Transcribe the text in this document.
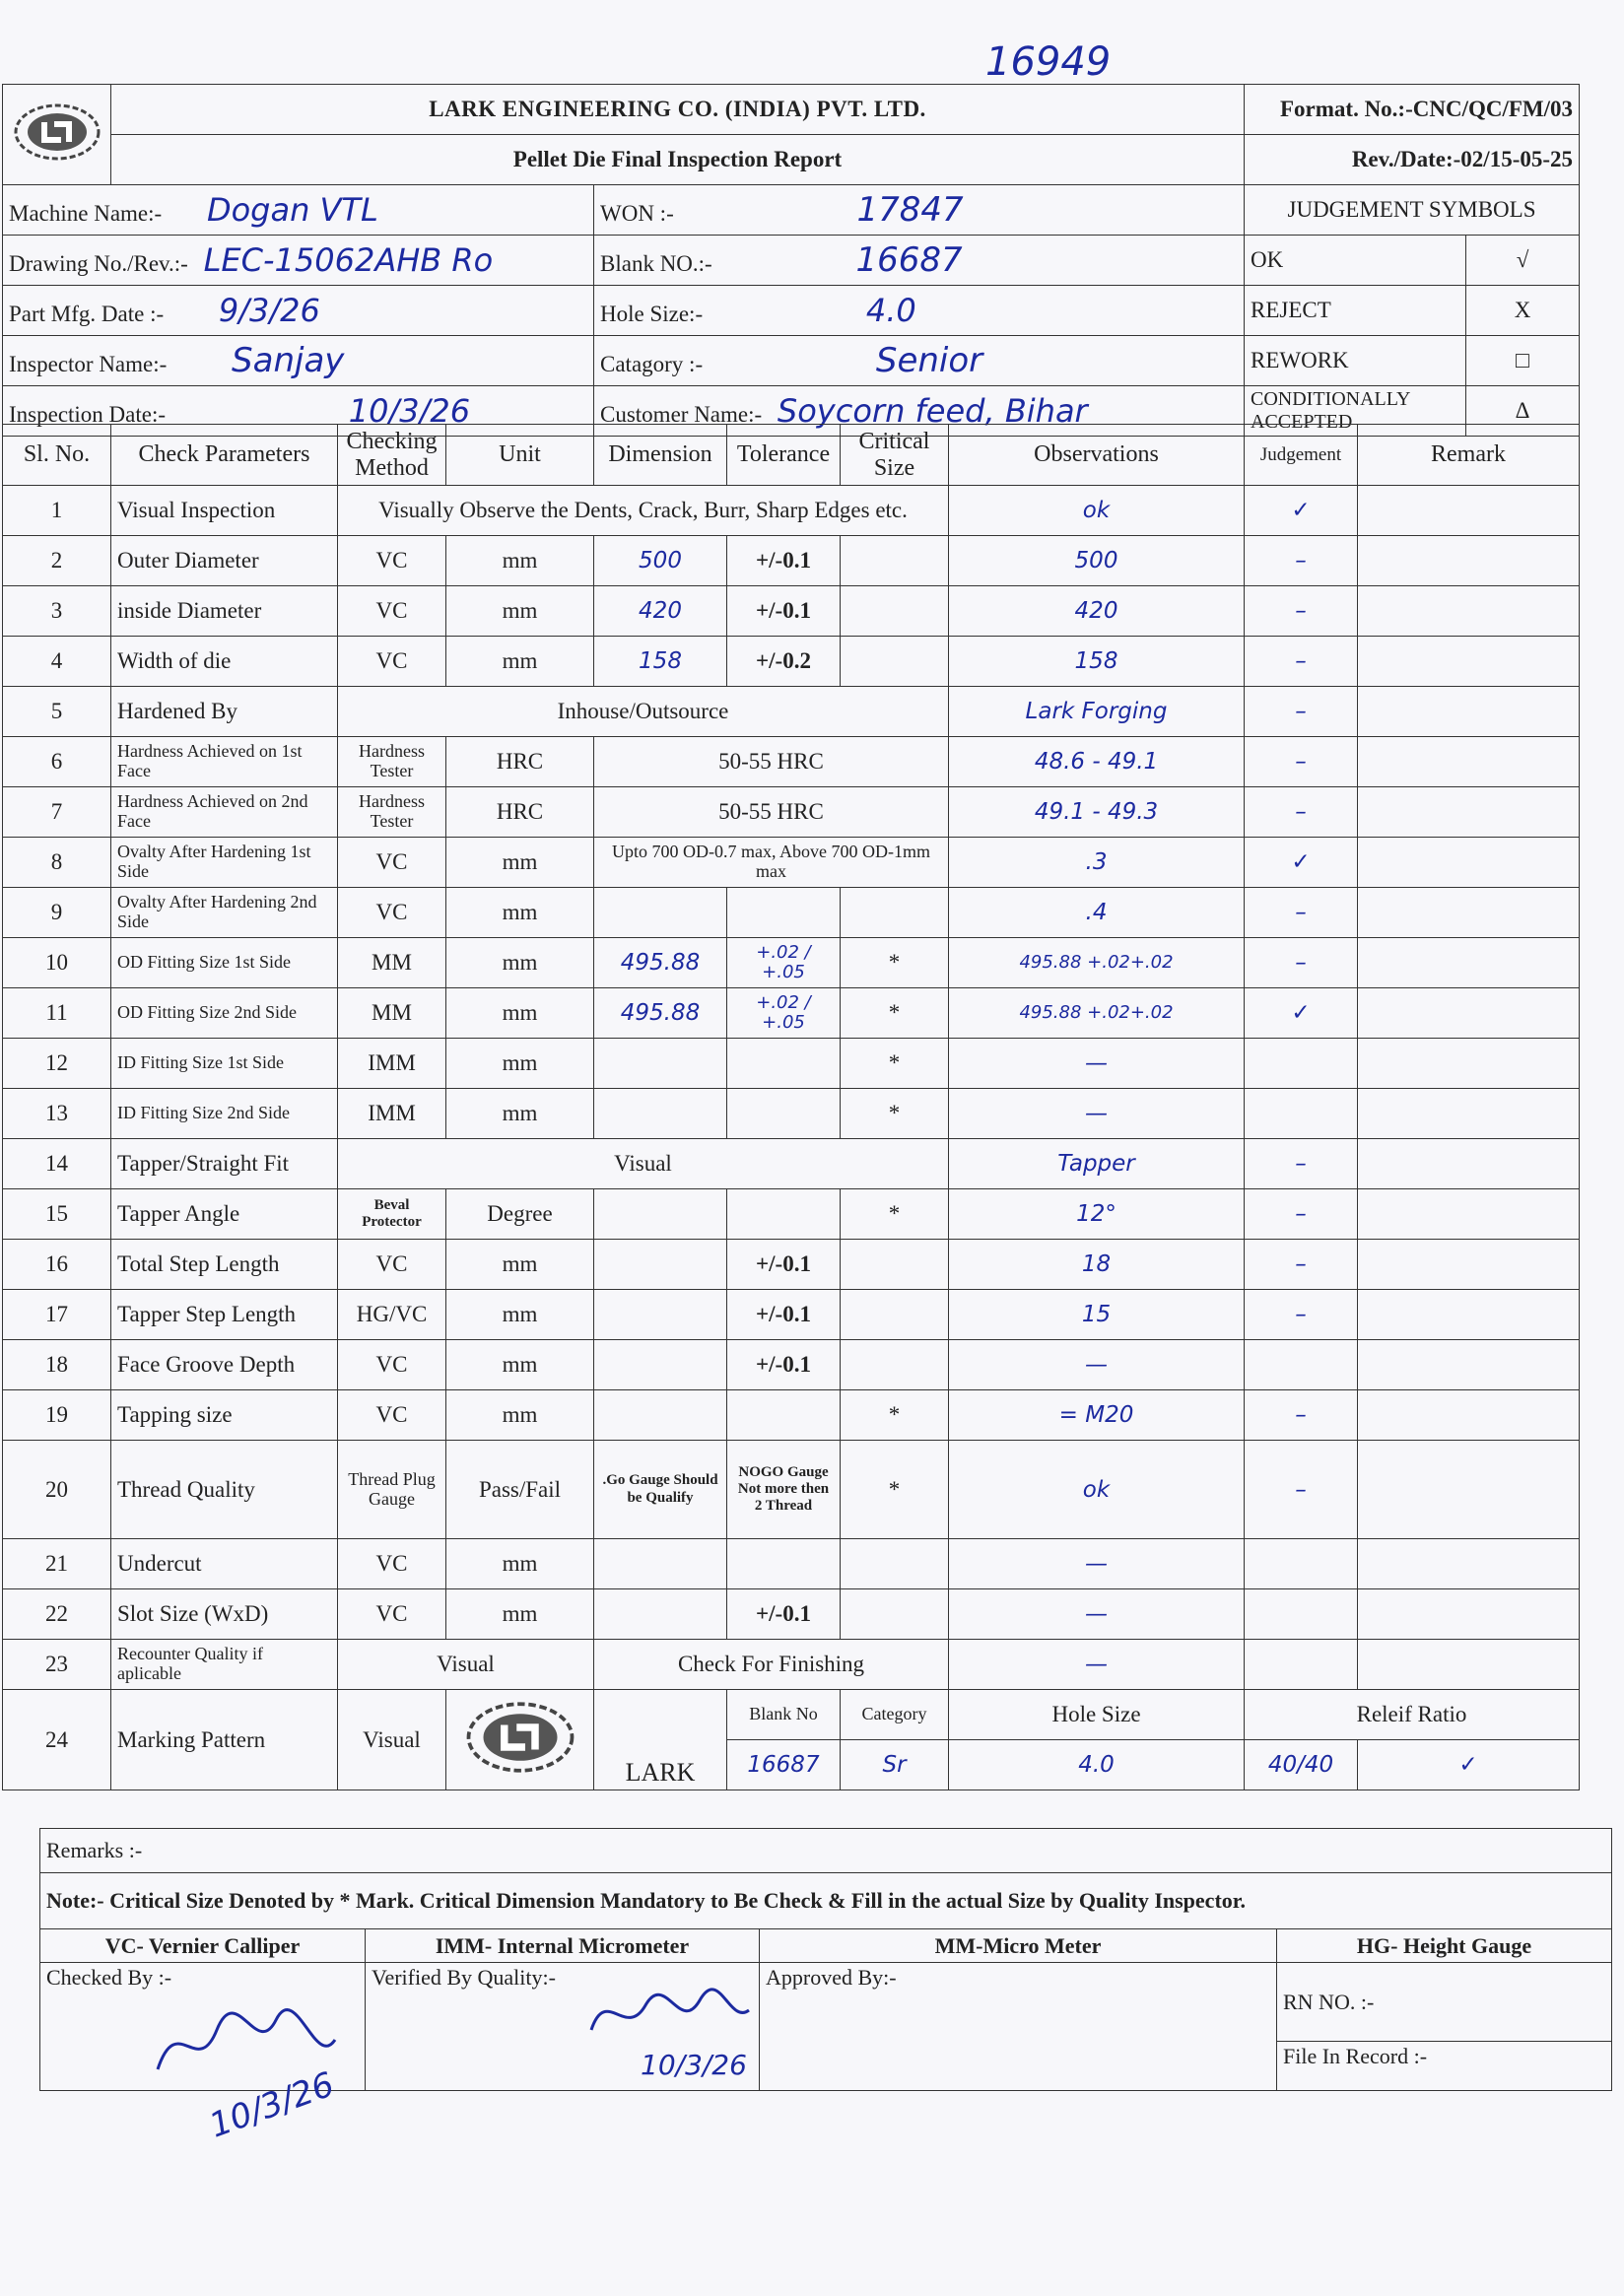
16949
	LARK ENGINEERING CO. (INDIA) PVT. LTD.		Format. No.:-CNC/QC/FM/03	
	Pellet Die Final Inspection Report		Rev./Date:-02/15-05-25	
Machine Name:- Dogan VTL		WON :- 17847	JUDGEMENT SYMBOLS	
Drawing No./Rev.:- LEC-15062AHB Ro		Blank NO.:- 16687	OK	√
Part Mfg. Date :- 9/3/26		Hole Size:- 4.0	REJECT	X
Inspector Name:- Sanjay		Catagory :- Senior	REWORK	□
Inspection Date:- 10/3/26		Customer Name:- Soycorn feed, Bihar	CONDITIONALLY ACCEPTED	Δ
Sl. No.	Check Parameters	Checking Method	Unit	Dimension	Tolerance	Critical Size	Observations	Judgement	Remark	
1	Visual Inspection	Visually Observe the Dents, Crack, Burr, Sharp Edges etc.					ok	✓		
2	Outer Diameter	VC	mm	500	+/-0.1		500	–		
3	inside Diameter	VC	mm	420	+/-0.1		420	–		
4	Width of die	VC	mm	158	+/-0.2		158	–		
5	Hardened By	Inhouse/Outsource					Lark Forging	–		
6	Hardness Achieved on 1st Face	Hardness Tester	HRC	50-55 HRC			48.6 - 49.1	–		
7	Hardness Achieved on 2nd Face	Hardness Tester	HRC	50-55 HRC			49.1 - 49.3	–		
8	Ovalty After Hardening 1st Side	VC	mm	Upto 700 OD-0.7 max, Above 700 OD-1mm max			.3	✓		
9	Ovalty After Hardening 2nd Side	VC	mm				.4	–		
10	OD Fitting Size 1st Side	MM	mm	495.88	+.02 / +.05	*	495.88 +.02+.02	–		
11	OD Fitting Size 2nd Side	MM	mm	495.88	+.02 / +.05	*	495.88 +.02+.02	✓		
12	ID Fitting Size 1st Side	IMM	mm			*	—			
13	ID Fitting Size 2nd Side	IMM	mm			*	—			
14	Tapper/Straight Fit	Visual					Tapper	–		
15	Tapper Angle	Beval Protector	Degree			*	12°	–		
16	Total Step Length	VC	mm		+/-0.1		18	–		
17	Tapper Step Length	HG/VC	mm		+/-0.1		15	–		
18	Face Groove Depth	VC	mm		+/-0.1		—			
19	Tapping size	VC	mm			*	= M20	–		
20	Thread Quality	Thread Plug Gauge	Pass/Fail	.Go Gauge Should be Qualify	NOGO Gauge Not more then 2 Thread	*	ok	–		
21	Undercut	VC	mm				—			
22	Slot Size (WxD)	VC	mm		+/-0.1		—			
23	Recounter Quality if aplicable	Visual		Check For Finishing			—			
24	Marking Pattern	Visual		LARK	Blank No	Category	Hole Size	Releif Ratio		
					16687	Sr	4.0	40/40	✓	
Remarks :-			
Note:- Critical Size Denoted by * Mark. Critical Dimension Mandatory to Be Check & Fill in the actual Size by Quality Inspector.			
VC- Vernier Calliper	IMM- Internal Micrometer	MM-Micro Meter	HG- Height Gauge
Checked By :-	Verified By Quality:-	Approved By:-	RN NO. :-
			File In Record :-
10/3/26	10/3/26
